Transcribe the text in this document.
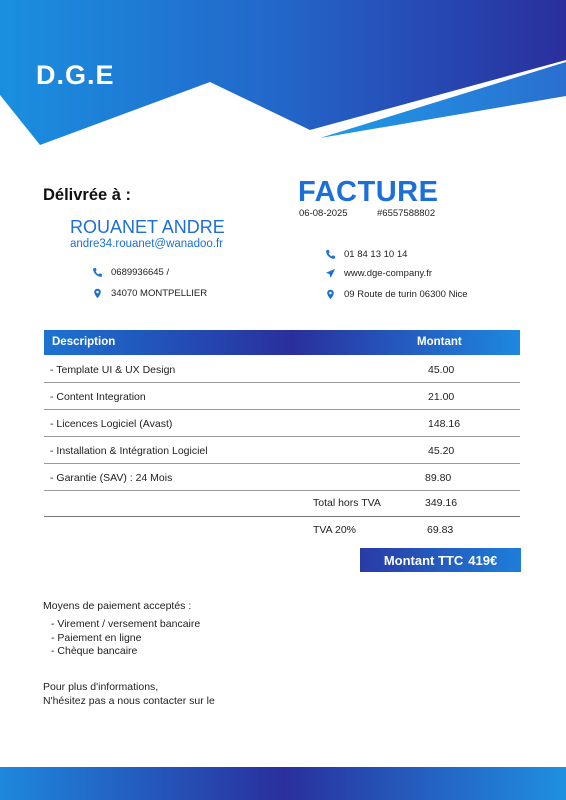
D.G.E
Délivrée à :
ROUANET ANDRE
andre34.rouanet@wanadoo.fr
0689936645 /
34070 MONTPELLIER
FACTURE
06-08-2025	#6557588802
01 84 13 10 14
www.dge-company.fr
09 Route de turin 06300 Nice
Description	Montant
- Template UI & UX Design	45.00
- Content Integration	21.00
- Licences Logiciel (Avast)	148.16
- Installation & Intégration Logiciel	45.20
- Garantie (SAV) : 24 Mois	89.80
Total hors TVA	349.16
TVA 20%	69.83
Montant TTC 419€
Moyens de paiement acceptés :
- Virement / versement bancaire
- Paiement en ligne
- Chèque bancaire
Pour plus d'informations,
N'hésitez pas a nous contacter sur le
